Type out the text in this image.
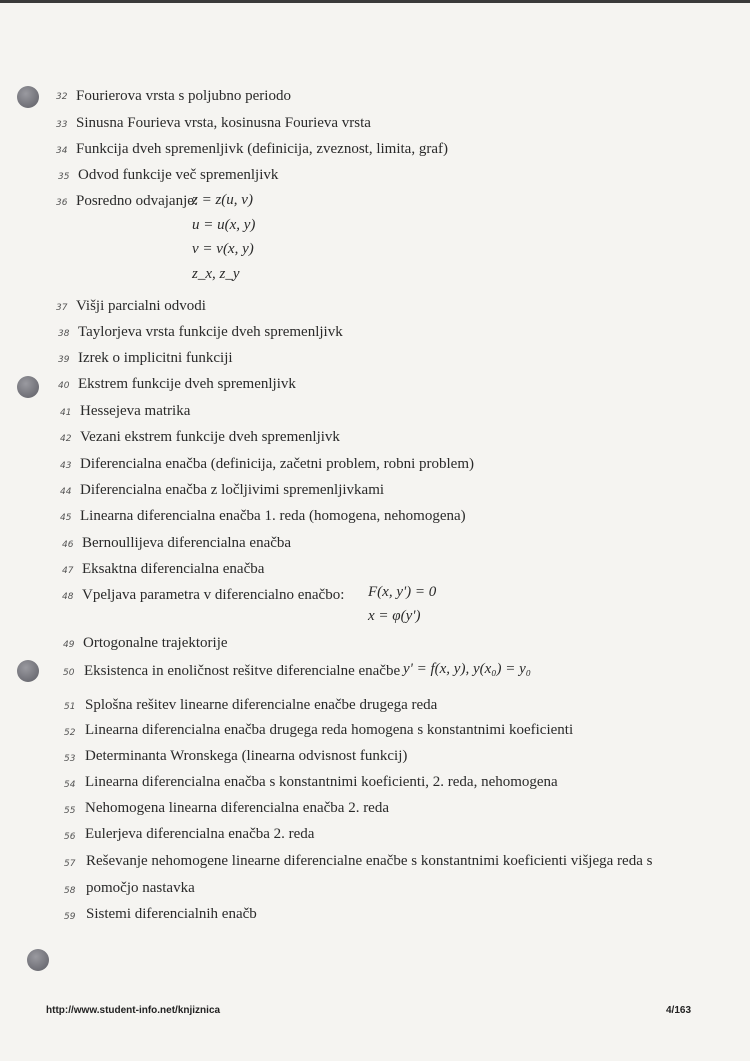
32 Fourierova vrsta s poljubno periodo
33 Sinusna Fourieva vrsta, kosinusna Fourieva vrsta
34 Funkcija dveh spremenljivk (definicija, zveznost, limita, graf)
35 Odvod funkcije več spremenljivk
36 Posredno odvajanje:
z = z(u, v)
u = u(x, y)
v = v(x, y)
z_x, z_y
37 Višji parcialni odvodi
38 Taylorjeva vrsta funkcije dveh spremenljivk
39 Izrek o implicitni funkciji
40 Ekstrem funkcije dveh spremenljivk
41 Hessejeva matrika
42 Vezani ekstrem funkcije dveh spremenljivk
43 Diferencialna enačba (definicija, začetni problem, robni problem)
44 Diferencialna enačba z ločljivimi spremenljivkami
45 Linearna diferencialna enačba 1. reda (homogena, nehomogena)
46 Bernoullijeva diferencialna enačba
47 Eksaktna diferencialna enačba
48 Vpeljava parametra v diferencialno enačbo: F(x, y') = 0
x = φ(y')
49 Ortogonalne trajektorije
50 Eksistenca in enoličnost rešitve diferencialne enačbe y' = f(x, y), y(x₀) = y₀
51 Splošna rešitev linearne diferencialne enačbe drugega reda
52 Linearna diferencialna enačba drugega reda homogena s konstantnimi koeficienti
53 Determinanta Wronskega (linearna odvisnost funkcij)
54 Linearna diferencialna enačba s konstantnimi koeficienti, 2. reda, nehomogena
55 Nehomogena linearna diferencialna enačba 2. reda
56 Eulerjeva diferencialna enačba 2. reda
57 Reševanje nehomogene linearne diferencialne enačbe s konstantnimi koeficienti višjega reda s
58 pomočjo nastavka
59 Sistemi diferencialnih enačb
http://www.student-info.net/knjiznica	4/163
